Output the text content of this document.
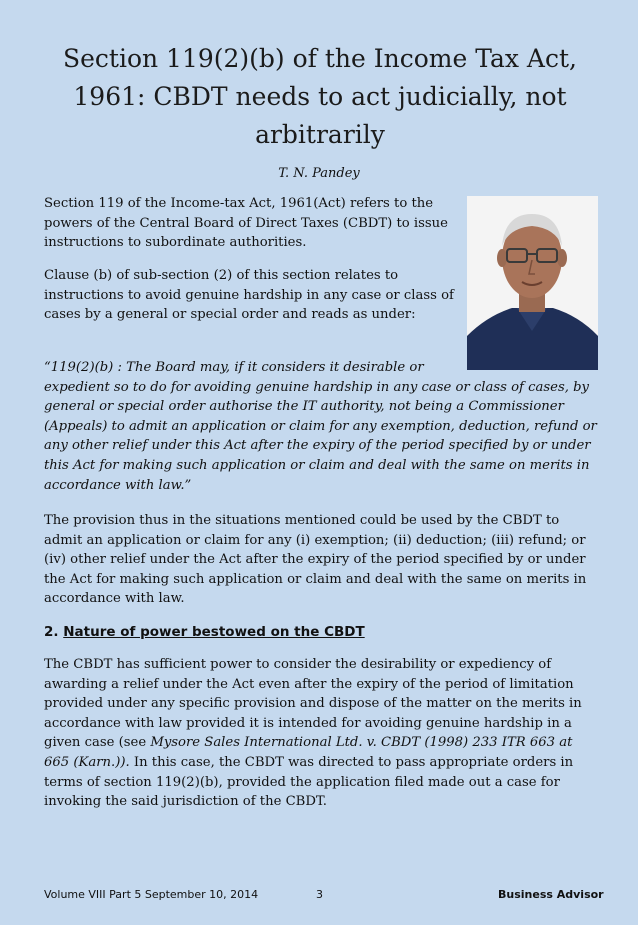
Section 119(2)(b) of the Income Tax Act,
1961: CBDT needs to act judicially, not
arbitrarily
T. N. Pandey
Section 119 of the Income-tax Act, 1961(Act) refers to the powers of the Central Board of Direct Taxes (CBDT) to issue instructions to subordinate authorities.
Clause (b) of sub-section (2) of this section relates to instructions to avoid genuine hardship in any case or class of cases by a general or special order and reads as under:
“119(2)(b) : The Board may, if it considers it desirable or
expedient so to do for avoiding genuine hardship in any case or class of cases, by general or special order authorise the IT authority, not being a Commissioner (Appeals) to admit an application or claim for any exemption, deduction, refund or any other relief under this Act after the expiry of the period specified by or under this Act for making such application or claim and deal with the same on merits in accordance with law.”
The provision thus in the situations mentioned could be used by the CBDT to admit an application or claim for any (i) exemption; (ii) deduction; (iii) refund; or (iv) other relief under the Act after the expiry of the period specified by or under the Act for making such application or claim and deal with the same on merits in accordance with law.
2. Nature of power bestowed on the CBDT
The CBDT has sufficient power to consider the desirability or expediency of awarding a relief under the Act even after the expiry of the period of limitation provided under any specific provision and dispose of the matter on the merits in accordance with law provided it is intended for avoiding genuine hardship in a given case (see Mysore Sales International Ltd. v. CBDT (1998) 233 ITR 663 at 665 (Karn.)). In this case, the CBDT was directed to pass appropriate orders in terms of section 119(2)(b), provided the application filed made out a case for invoking the said jurisdiction of the CBDT.
Volume VIII Part 5 September 10, 2014	3	Business Advisor
